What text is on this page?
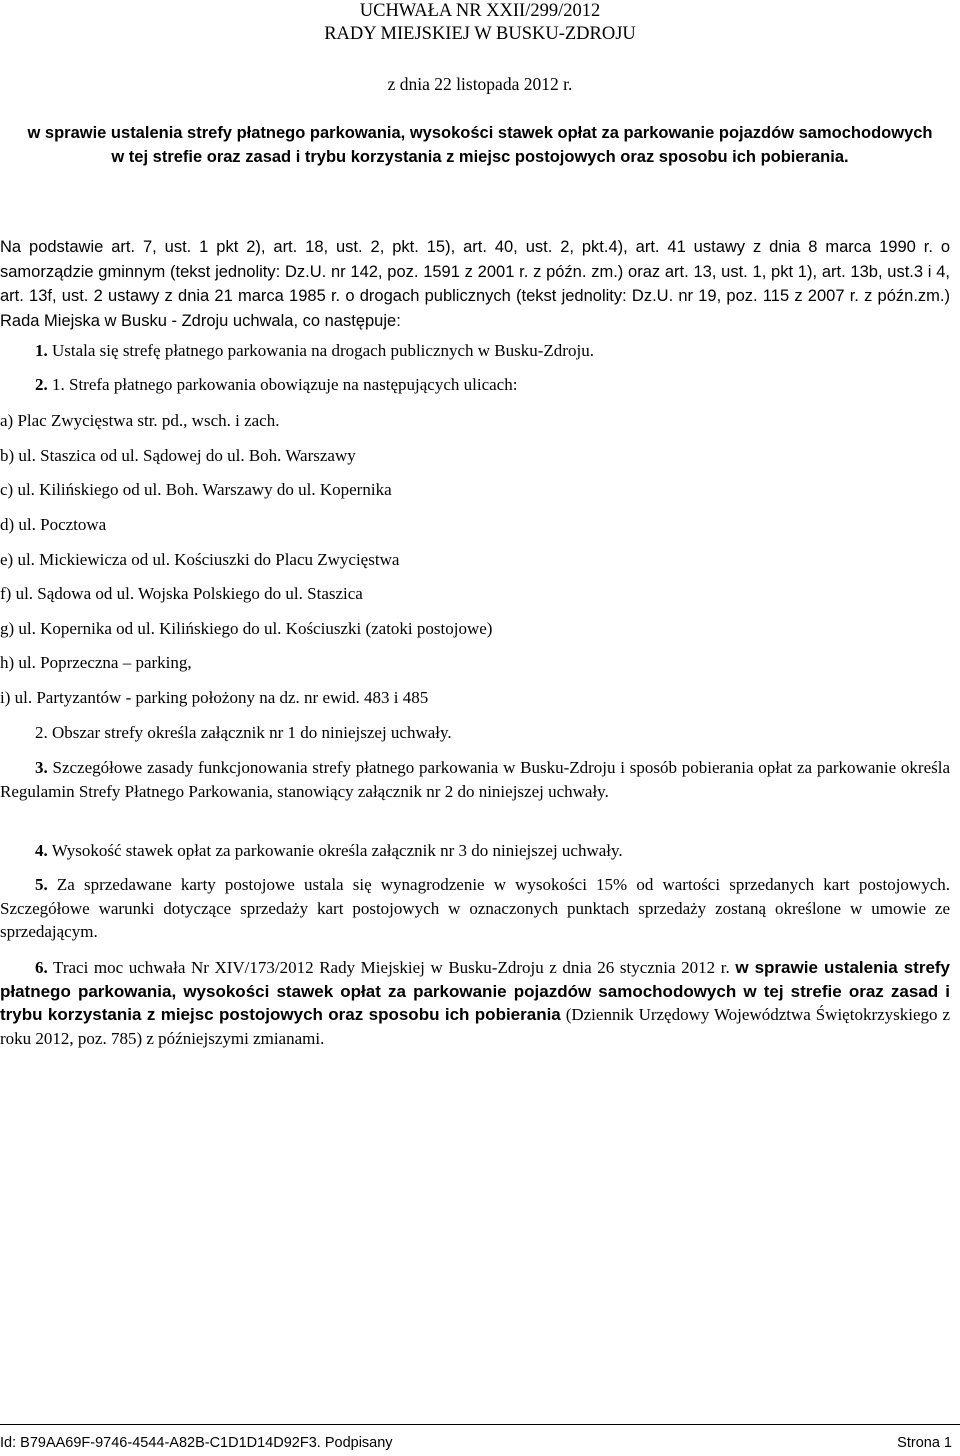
UCHWAŁA NR XXII/299/2012
RADY MIEJSKIEJ W BUSKU-ZDROJU
z dnia 22 listopada 2012 r.
w sprawie ustalenia strefy płatnego parkowania, wysokości stawek opłat za parkowanie pojazdów samochodowych w tej strefie oraz zasad i trybu korzystania z miejsc postojowych oraz sposobu ich pobierania.
Na podstawie art. 7, ust. 1 pkt 2), art. 18, ust. 2, pkt. 15), art. 40, ust. 2, pkt.4), art. 41 ustawy z dnia 8 marca 1990 r. o samorządzie gminnym (tekst jednolity: Dz.U. nr 142, poz. 1591 z 2001 r. z późn. zm.) oraz art. 13, ust. 1, pkt 1), art. 13b, ust.3 i 4, art. 13f, ust. 2 ustawy z dnia 21 marca 1985 r. o drogach publicznych (tekst jednolity: Dz.U. nr 19, poz. 115 z 2007 r. z późn.zm.) Rada Miejska w Busku - Zdroju uchwala, co następuje:
1. Ustala się strefę płatnego parkowania na drogach publicznych w Busku-Zdroju.
2. 1. Strefa płatnego parkowania obowiązuje na następujących ulicach:
a) Plac Zwycięstwa str. pd., wsch. i zach.
b) ul. Staszica od ul. Sądowej do ul. Boh. Warszawy
c) ul. Kilińskiego od ul. Boh. Warszawy do ul. Kopernika
d) ul. Pocztowa
e) ul. Mickiewicza od ul. Kościuszki do Placu Zwycięstwa
f) ul. Sądowa od ul. Wojska Polskiego do ul. Staszica
g) ul. Kopernika od ul. Kilińskiego do ul. Kościuszki (zatoki postojowe)
h) ul. Poprzeczna – parking,
i) ul. Partyzantów - parking położony na dz. nr ewid. 483 i 485
2. Obszar strefy określa załącznik nr 1 do niniejszej uchwały.
3. Szczegółowe zasady funkcjonowania strefy płatnego parkowania w Busku-Zdroju i sposób pobierania opłat za parkowanie określa Regulamin Strefy Płatnego Parkowania, stanowiący załącznik nr 2 do niniejszej uchwały.
4. Wysokość stawek opłat za parkowanie określa załącznik nr 3 do niniejszej uchwały.
5. Za sprzedawane karty postojowe ustala się wynagrodzenie w wysokości 15% od wartości sprzedanych kart postojowych. Szczegółowe warunki dotyczące sprzedaży kart postojowych w oznaczonych punktach sprzedaży zostaną określone w umowie ze sprzedającym.
6. Traci moc uchwała Nr XIV/173/2012 Rady Miejskiej w Busku-Zdroju z dnia 26 stycznia 2012 r. w sprawie ustalenia strefy płatnego parkowania, wysokości stawek opłat za parkowanie pojazdów samochodowych w tej strefie oraz zasad i trybu korzystania z miejsc postojowych oraz sposobu ich pobierania (Dziennik Urzędowy Województwa Świętokrzyskiego z roku 2012, poz. 785) z późniejszymi zmianami.
Id: B79AA69F-9746-4544-A82B-C1D1D14D92F3. Podpisany	Strona 1
